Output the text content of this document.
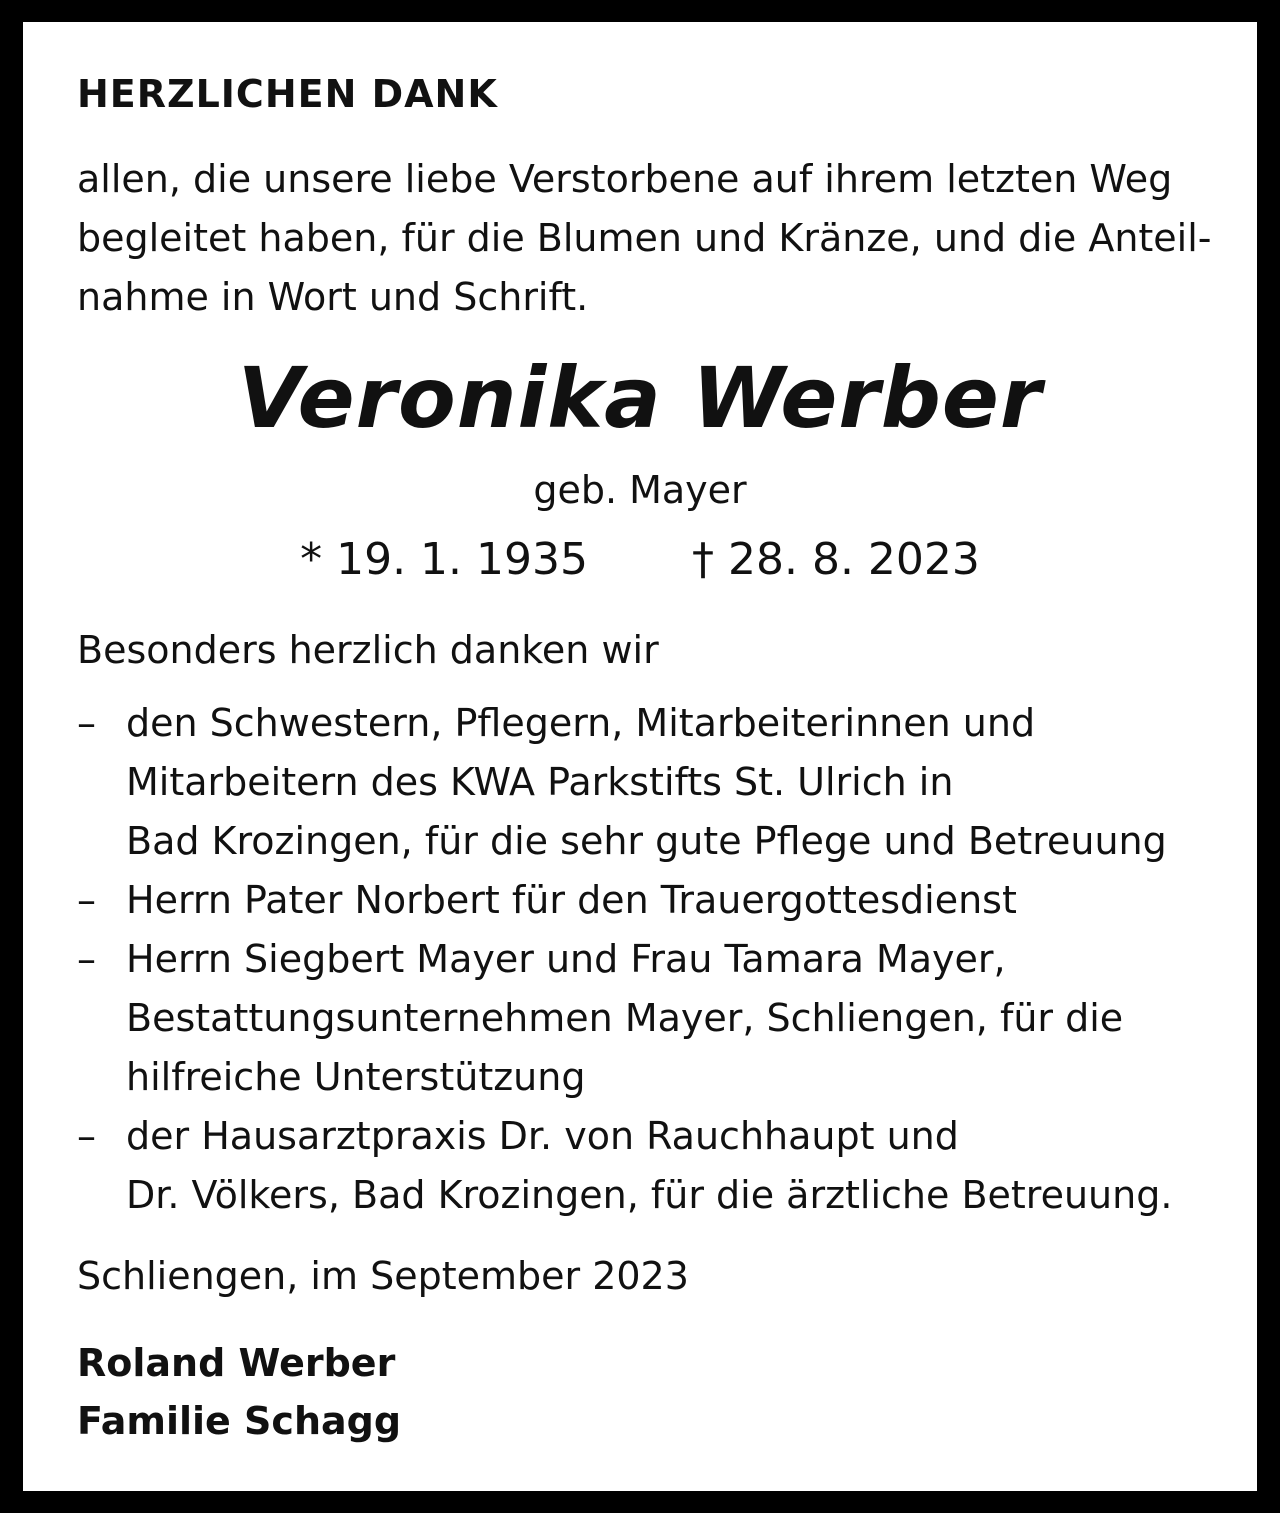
HERZLICHEN DANK
allen, die unsere liebe Verstorbene auf ihrem letzten Weg
begleitet haben, für die Blumen und Kränze, und die Anteil-
nahme in Wort und Schrift.
Veronika Werber
geb. Mayer
* 19. 1. 1935 † 28. 8. 2023
Besonders herzlich danken wir
– den Schwestern, Pflegern, Mitarbeiterinnen und
Mitarbeitern des KWA Parkstifts St. Ulrich in
Bad Krozingen, für die sehr gute Pflege und Betreuung
– Herrn Pater Norbert für den Trauergottesdienst
– Herrn Siegbert Mayer und Frau Tamara Mayer,
Bestattungsunternehmen Mayer, Schliengen, für die
hilfreiche Unterstützung
– der Hausarztpraxis Dr. von Rauchhaupt und
Dr. Völkers, Bad Krozingen, für die ärztliche Betreuung.
Schliengen, im September 2023
Roland Werber
Familie Schagg
